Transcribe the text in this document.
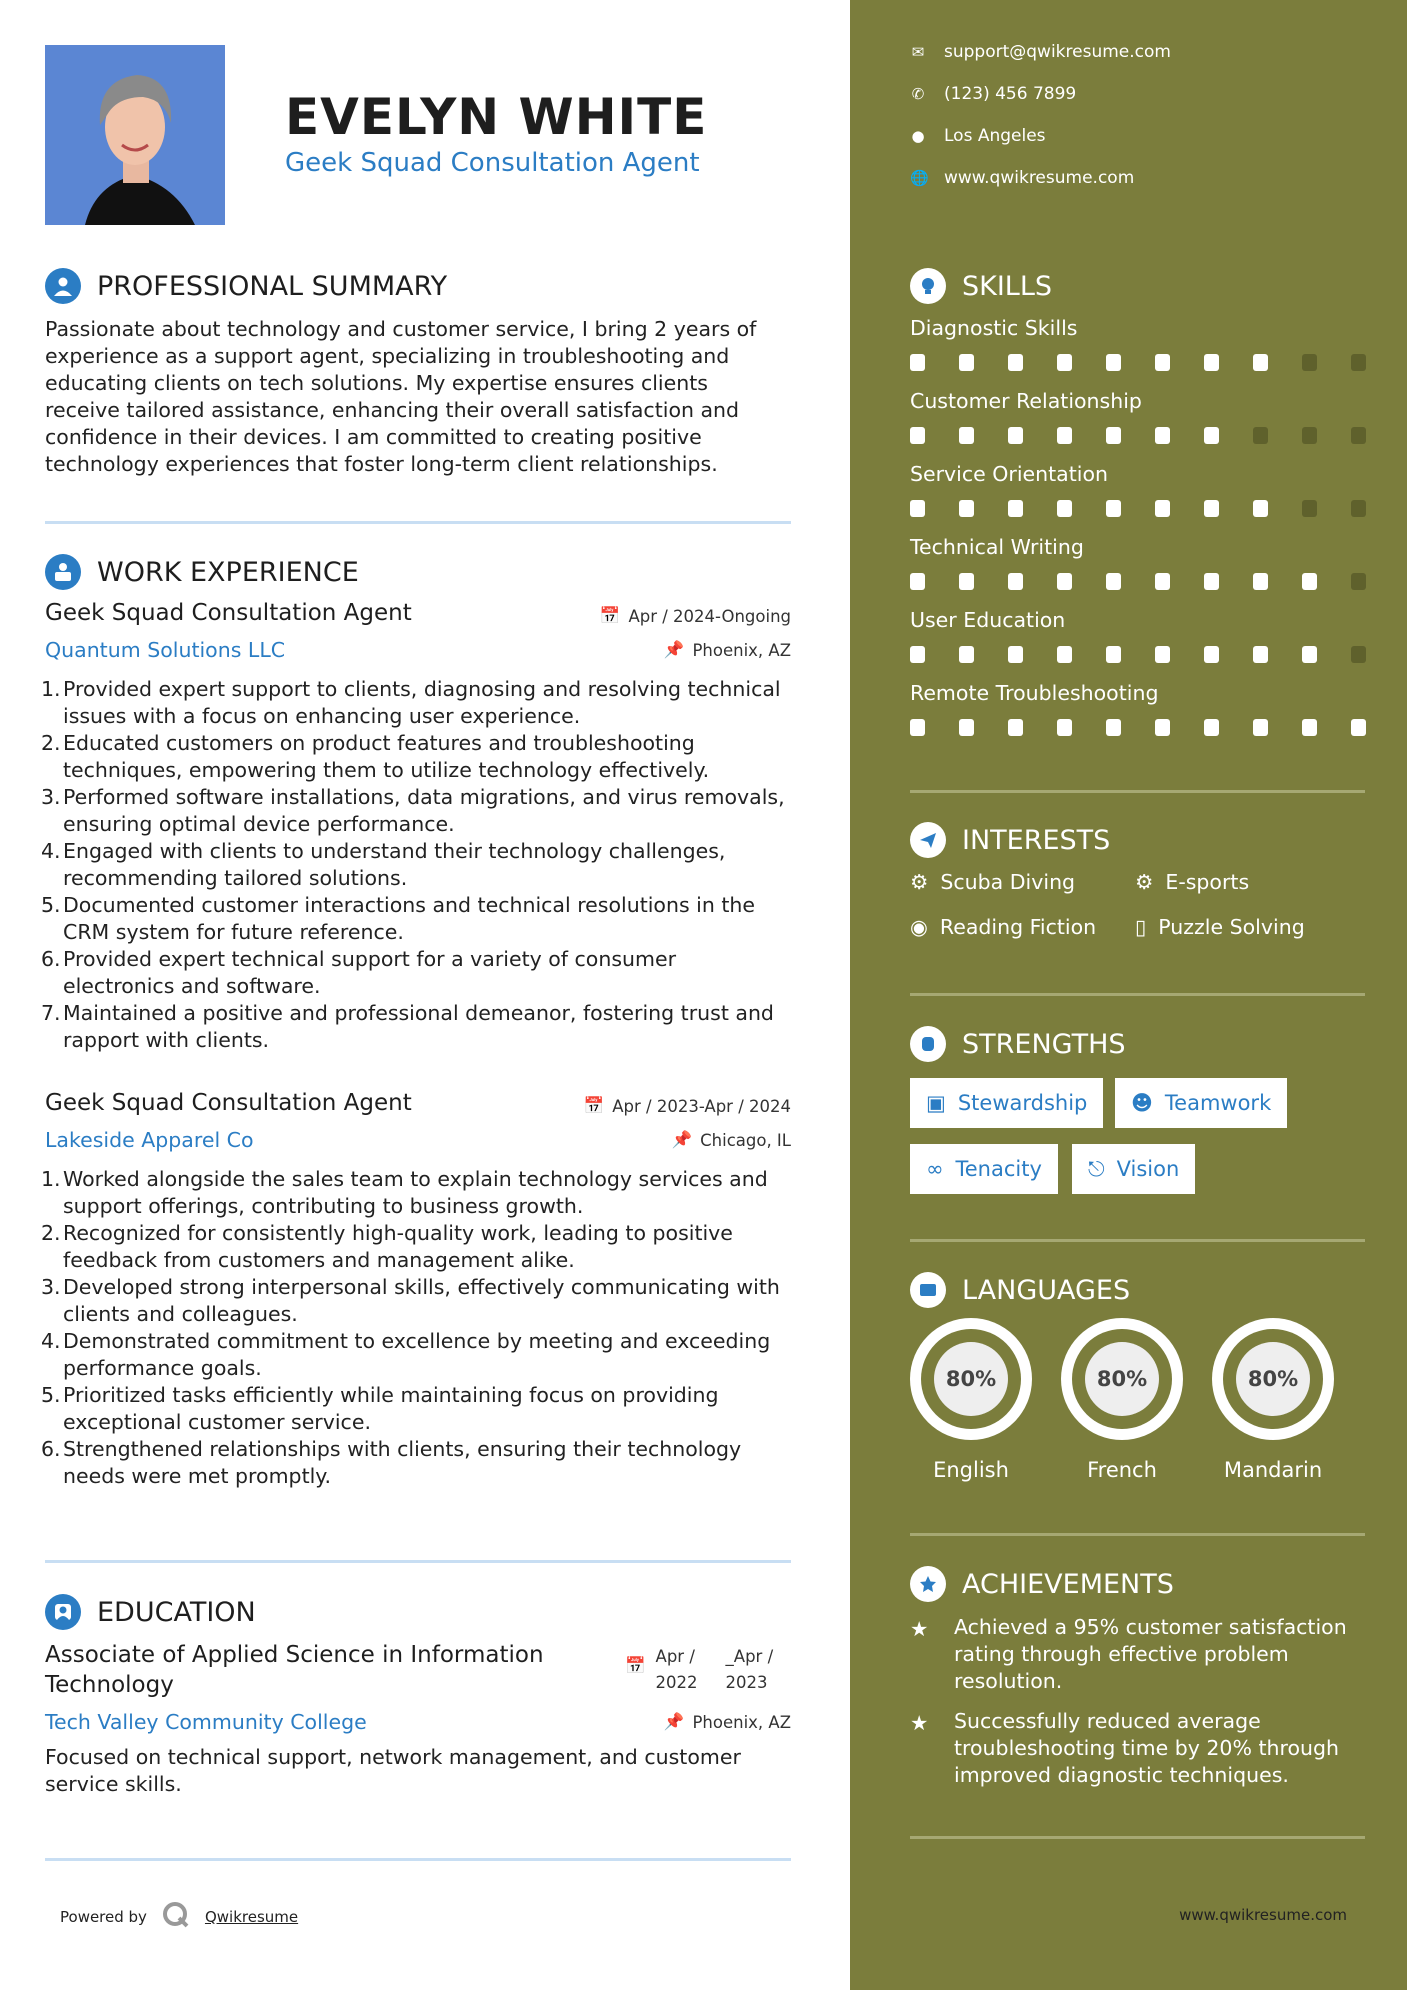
EVELYN WHITE
Geek Squad Consultation Agent
PROFESSIONAL SUMMARY
Passionate about technology and customer service, I bring 2 years of experience as a support agent, specializing in troubleshooting and educating clients on tech solutions. My expertise ensures clients receive tailored assistance, enhancing their overall satisfaction and confidence in their devices. I am committed to creating positive technology experiences that foster long-term client relationships.
WORK EXPERIENCE
Geek Squad Consultation Agent
Quantum Solutions LLC
📅 Apr / 2024-Ongoing
📌 Phoenix, AZ
1. Provided expert support to clients, diagnosing and resolving technical issues with a focus on enhancing user experience.
2. Educated customers on product features and troubleshooting techniques, empowering them to utilize technology effectively.
3. Performed software installations, data migrations, and virus removals, ensuring optimal device performance.
4. Engaged with clients to understand their technology challenges, recommending tailored solutions.
5. Documented customer interactions and technical resolutions in the CRM system for future reference.
6. Provided expert technical support for a variety of consumer electronics and software.
7. Maintained a positive and professional demeanor, fostering trust and rapport with clients.
Geek Squad Consultation Agent
Lakeside Apparel Co
📅 Apr / 2023-Apr / 2024
📌 Chicago, IL
1. Worked alongside the sales team to explain technology services and support offerings, contributing to business growth.
2. Recognized for consistently high-quality work, leading to positive feedback from customers and management alike.
3. Developed strong interpersonal skills, effectively communicating with clients and colleagues.
4. Demonstrated commitment to excellence by meeting and exceeding performance goals.
5. Prioritized tasks efficiently while maintaining focus on providing exceptional customer service.
6. Strengthened relationships with clients, ensuring their technology needs were met promptly.
EDUCATION
Associate of Applied Science in Information Technology
Tech Valley Community College
Focused on technical support, network management, and customer service skills.
📅 Apr /
2022
_Apr /
2023
📌 Phoenix, AZ
Powered by	Qwikresume
✉ support@qwikresume.com
✆ (123) 456 7899
● Los Angeles
🌐 www.qwikresume.com
SKILLS
Diagnostic Skills
Customer Relationship
Service Orientation
Technical Writing
User Education
Remote Troubleshooting
INTERESTS
⚙ Scuba Diving	⚙ E-sports
◉ Reading Fiction ▯ Puzzle Solving
STRENGTHS
▣ Stewardship ☻ Teamwork
∞ Tenacity ⎋ Vision
LANGUAGES
80%
English
80%
French
80%
Mandarin
ACHIEVEMENTS
★	Achieved a 95% customer satisfaction rating through effective problem resolution.
★	Successfully reduced average troubleshooting time by 20% through improved diagnostic techniques.
www.qwikresume.com
